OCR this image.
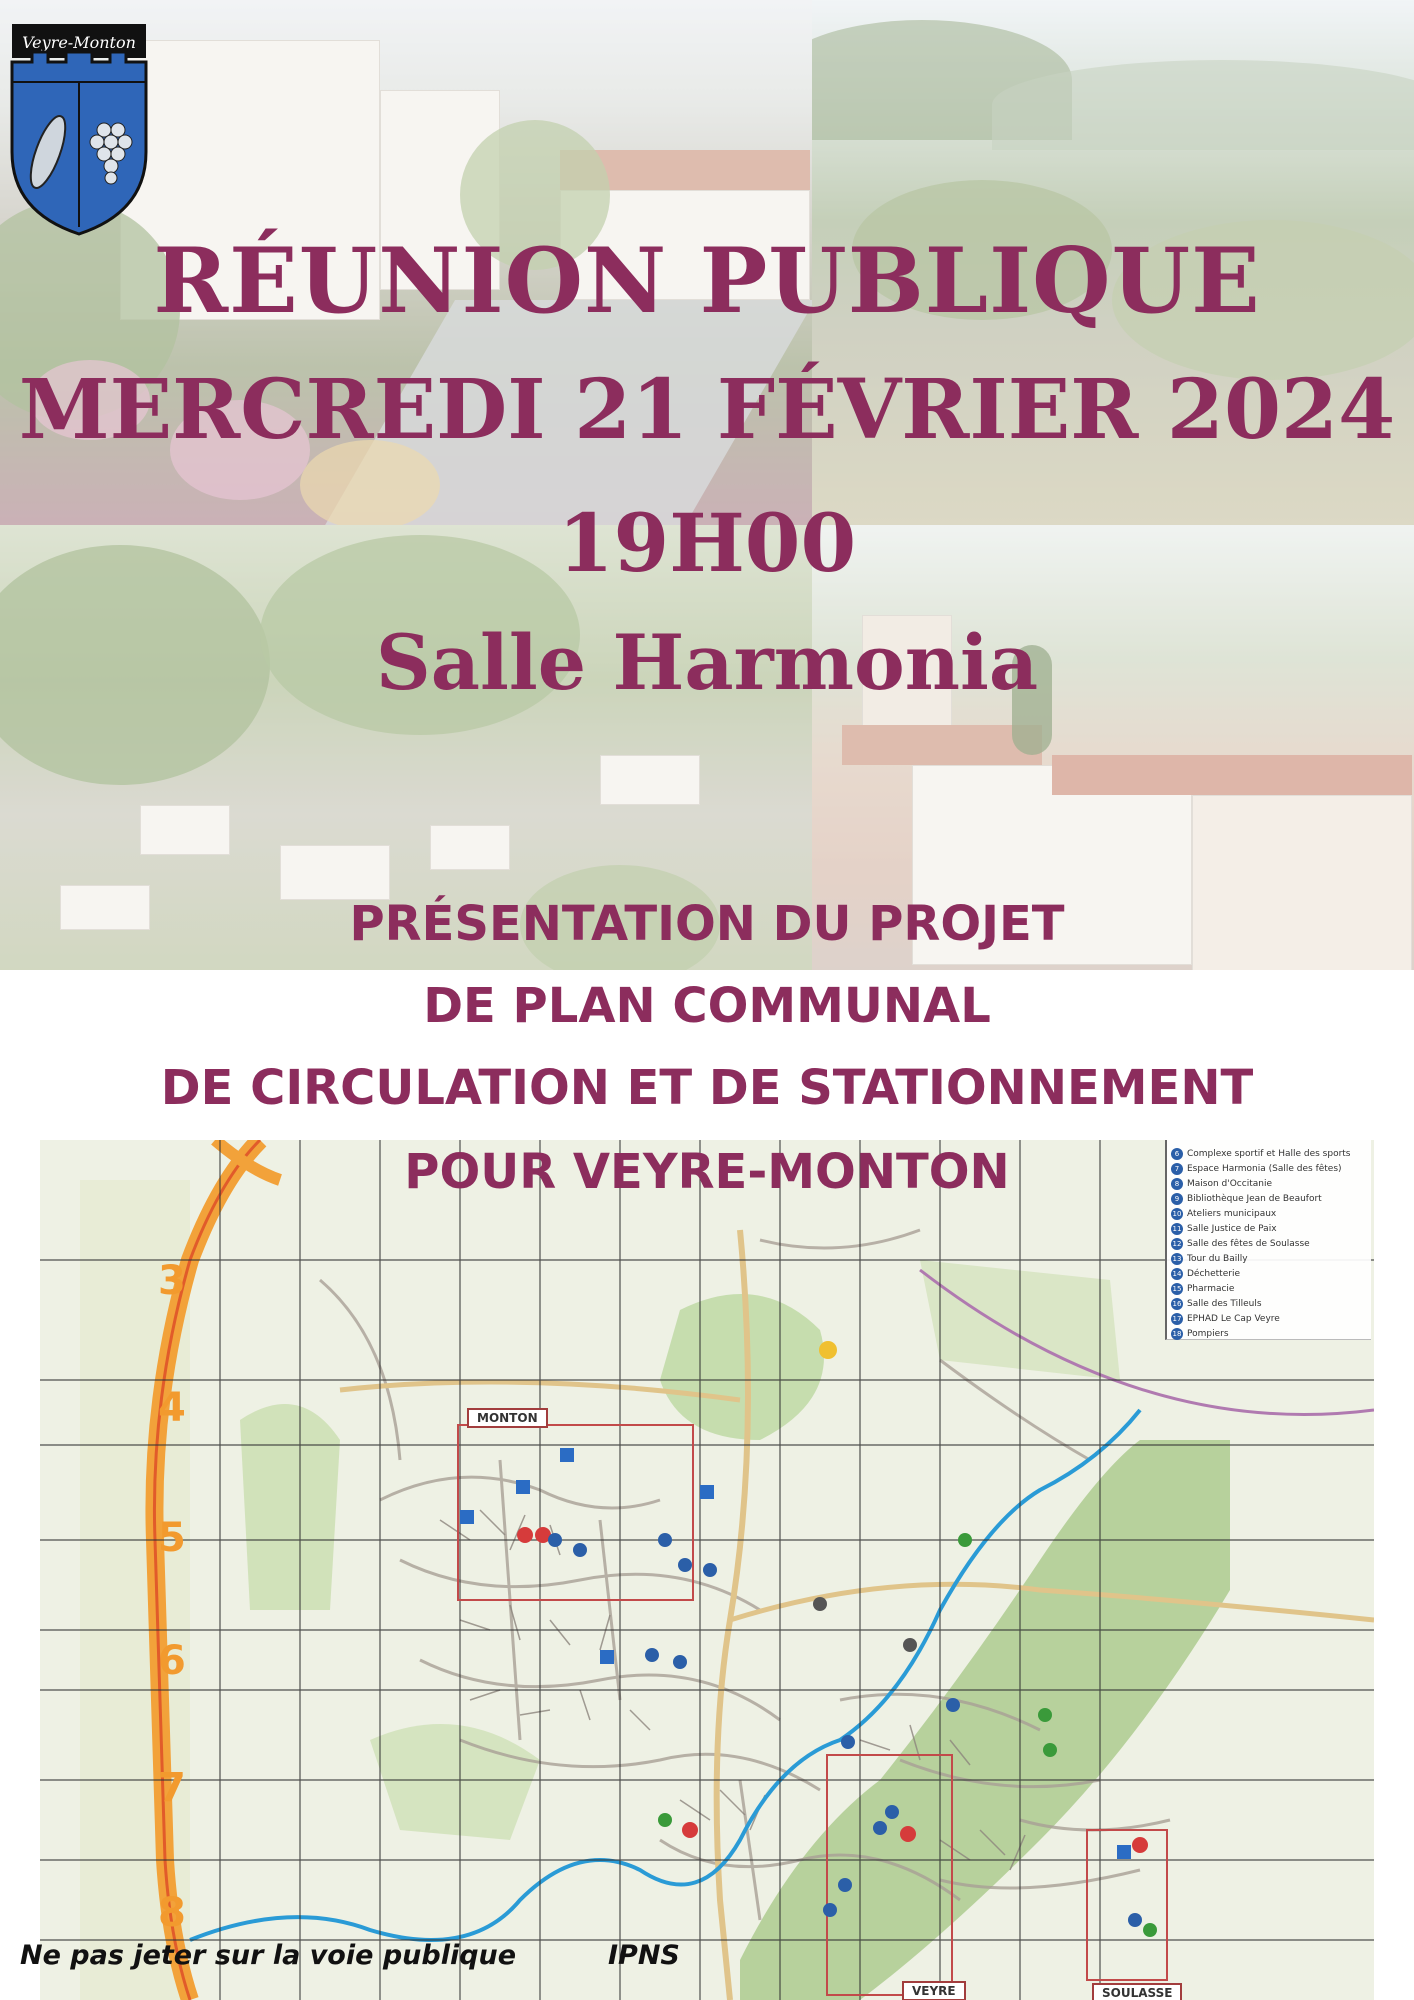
Veyre-Monton
RÉUNION PUBLIQUE
MERCREDI 21 FÉVRIER 2024
19H00
Salle Harmonia
MONTON
VEYRE	SOULASSE
3
4
5
6
7
8
6 Complexe sportif et Halle des sports
7 Espace Harmonia (Salle des fêtes)
8 Maison d'Occitanie
9 Bibliothèque Jean de Beaufort
10 Ateliers municipaux
11 Salle Justice de Paix
12 Salle des fêtes de Soulasse
13 Tour du Bailly
14 Déchetterie
15 Pharmacie
16 Salle des Tilleuls
17 EPHAD Le Cap Veyre
18 Pompiers
PRÉSENTATION DU PROJET
DE PLAN COMMUNAL
DE CIRCULATION ET DE STATIONNEMENT
POUR VEYRE-MONTON
Ne pas jeter sur la voie publique	IPNS
